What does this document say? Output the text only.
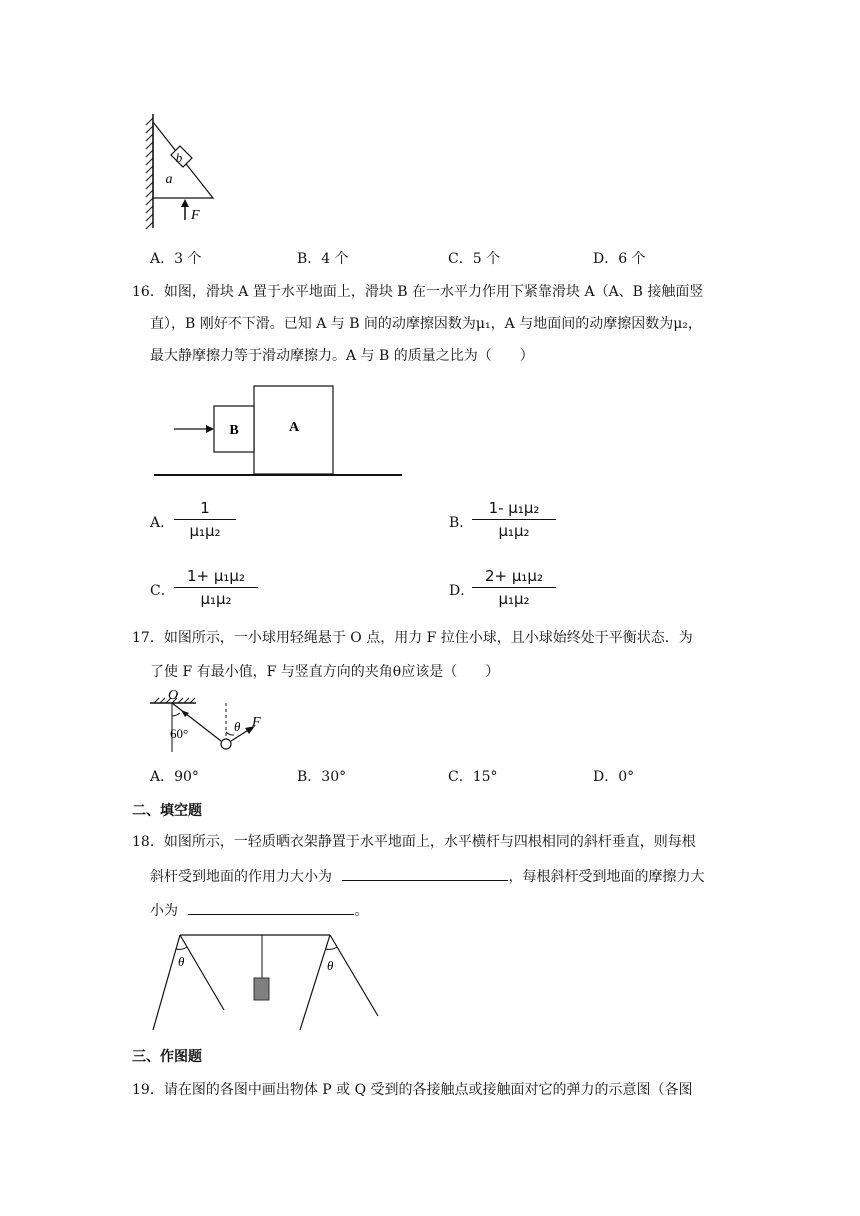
b
a
F
A．3 个	B．4 个	C．5 个	D．6 个
16．如图，滑块 A 置于水平地面上，滑块 B 在一水平力作用下紧靠滑块 A（A、B 接触面竖
直），B 刚好不下滑。已知 A 与 B 间的动摩擦因数为μ₁，A 与地面间的动摩擦因数为μ₂，
最大静摩擦力等于滑动摩擦力。A 与 B 的质量之比为（　　）
B	A
A．
1
μ₁μ₂	B．
1- μ₁μ₂
μ₁μ₂
C．
1+ μ₁μ₂
μ₁μ₂	D．
2+ μ₁μ₂
μ₁μ₂
17．如图所示，一小球用轻绳悬于 O 点，用力 F 拉住小球，且小球始终处于平衡状态．为
了使 F 有最小值，F 与竖直方向的夹角θ应该是（　　）
O
60°	θ F
A．90°	B．30°	C．15°	D．0°
二、填空题
18．如图所示，一轻质晒衣架静置于水平地面上，水平横杆与四根相同的斜杆垂直，则每根
斜杆受到地面的作用力大小为	，每根斜杆受到地面的摩擦力大
小为	。
θ	θ
三、作图题
19．请在图的各图中画出物体 P 或 Q 受到的各接触点或接触面对它的弹力的示意图（各图
